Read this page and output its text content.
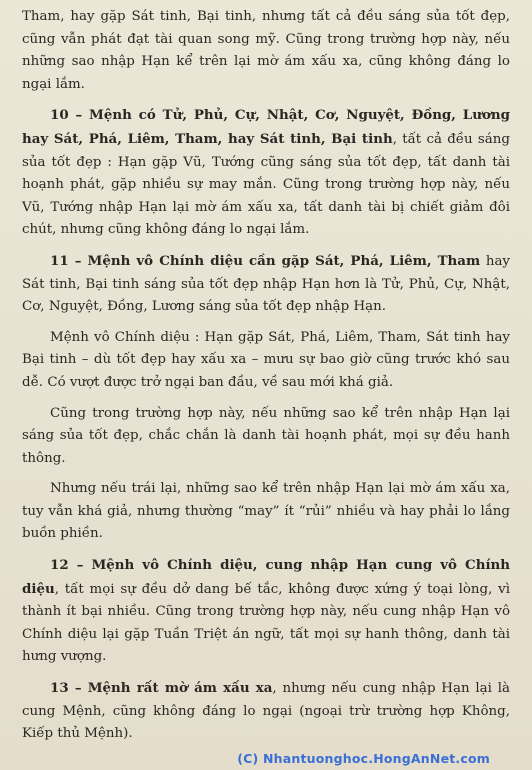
Tham, hay gặp Sát tinh, Bại tinh, nhưng tất cả đều sáng sủa tốt đẹp, cũng vẫn phát đạt tài quan song mỹ. Cũng trong trường hợp này, nếu những sao nhập Hạn kể trên lại mờ ám xấu xa, cũng không đáng lo ngại lắm.

10 – Mệnh có Tử, Phủ, Cự, Nhật, Cơ, Nguyệt, Đồng, Lương hay Sát, Phá, Liêm, Tham, hay Sát tinh, Bại tinh, tất cả đều sáng sủa tốt đẹp : Hạn gặp Vũ, Tướng cũng sáng sủa tốt đẹp, tất danh tài hoạnh phát, gặp nhiều sự may mắn. Cũng trong trường hợp này, nếu Vũ, Tướng nhập Hạn lại mờ ám xấu xa, tất danh tài bị chiết giảm đôi chút, nhưng cũng không đáng lo ngại lắm.

11 – Mệnh vô Chính diệu cần gặp Sát, Phá, Liêm, Tham hay Sát tinh, Bại tinh sáng sủa tốt đẹp nhập Hạn hơn là Tử, Phủ, Cự, Nhật, Cơ, Nguyệt, Đồng, Lương sáng sủa tốt đẹp nhập Hạn.

Mệnh vô Chính diệu : Hạn gặp Sát, Phá, Liêm, Tham, Sát tinh hay Bại tinh – dù tốt đẹp hay xấu xa – mưu sự bao giờ cũng trước khó sau dễ. Có vượt được trở ngại ban đầu, về sau mới khá giả.

Cũng trong trường hợp này, nếu những sao kể trên nhập Hạn lại sáng sủa tốt đẹp, chắc chắn là danh tài hoạnh phát, mọi sự đều hanh thông.

Nhưng nếu trái lại, những sao kể trên nhập Hạn lại mờ ám xấu xa, tuy vẫn khá giả, nhưng thường “may” ít “rủi” nhiều và hay phải lo lắng buồn phiền.

12 – Mệnh vô Chính diệu, cung nhập Hạn cung vô Chính diệu, tất mọi sự đều dở dang bế tắc, không được xứng ý toại lòng, vì thành ít bại nhiều. Cũng trong trường hợp này, nếu cung nhập Hạn vô Chính diệu lại gặp Tuần Triệt án ngữ, tất mọi sự hanh thông, danh tài hưng vượng.

13 – Mệnh rất mờ ám xấu xa, nhưng nếu cung nhập Hạn lại là cung Mệnh, cũng không đáng lo ngại (ngoại trừ trường hợp Không, Kiếp thủ Mệnh).

(C) Nhantuonghoc.HongAnNet.com
